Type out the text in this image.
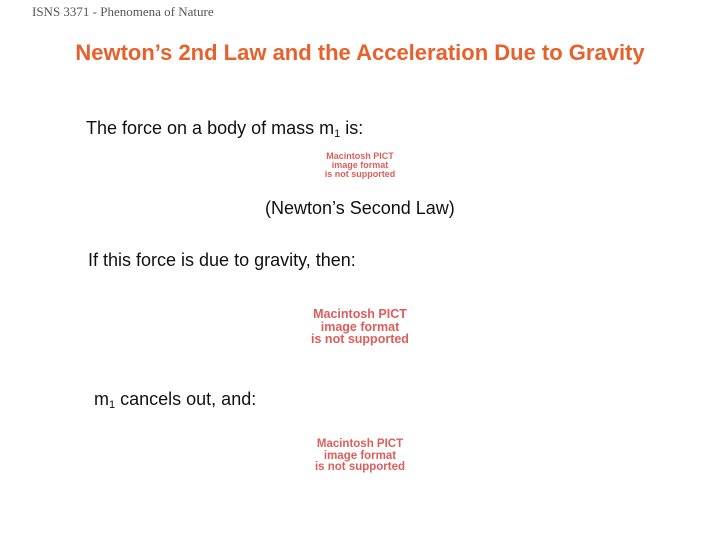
ISNS 3371 - Phenomena of Nature
Newton’s 2nd Law and the Acceleration Due to Gravity
The force on a body of mass $m_1$ is:
Macintosh PICT
image format
is not supported
(Newton’s Second Law)
If this force is due to gravity, then:
Macintosh PICT
image format
is not supported
$m_1$ cancels out, and:
Macintosh PICT
image format
is not supported
